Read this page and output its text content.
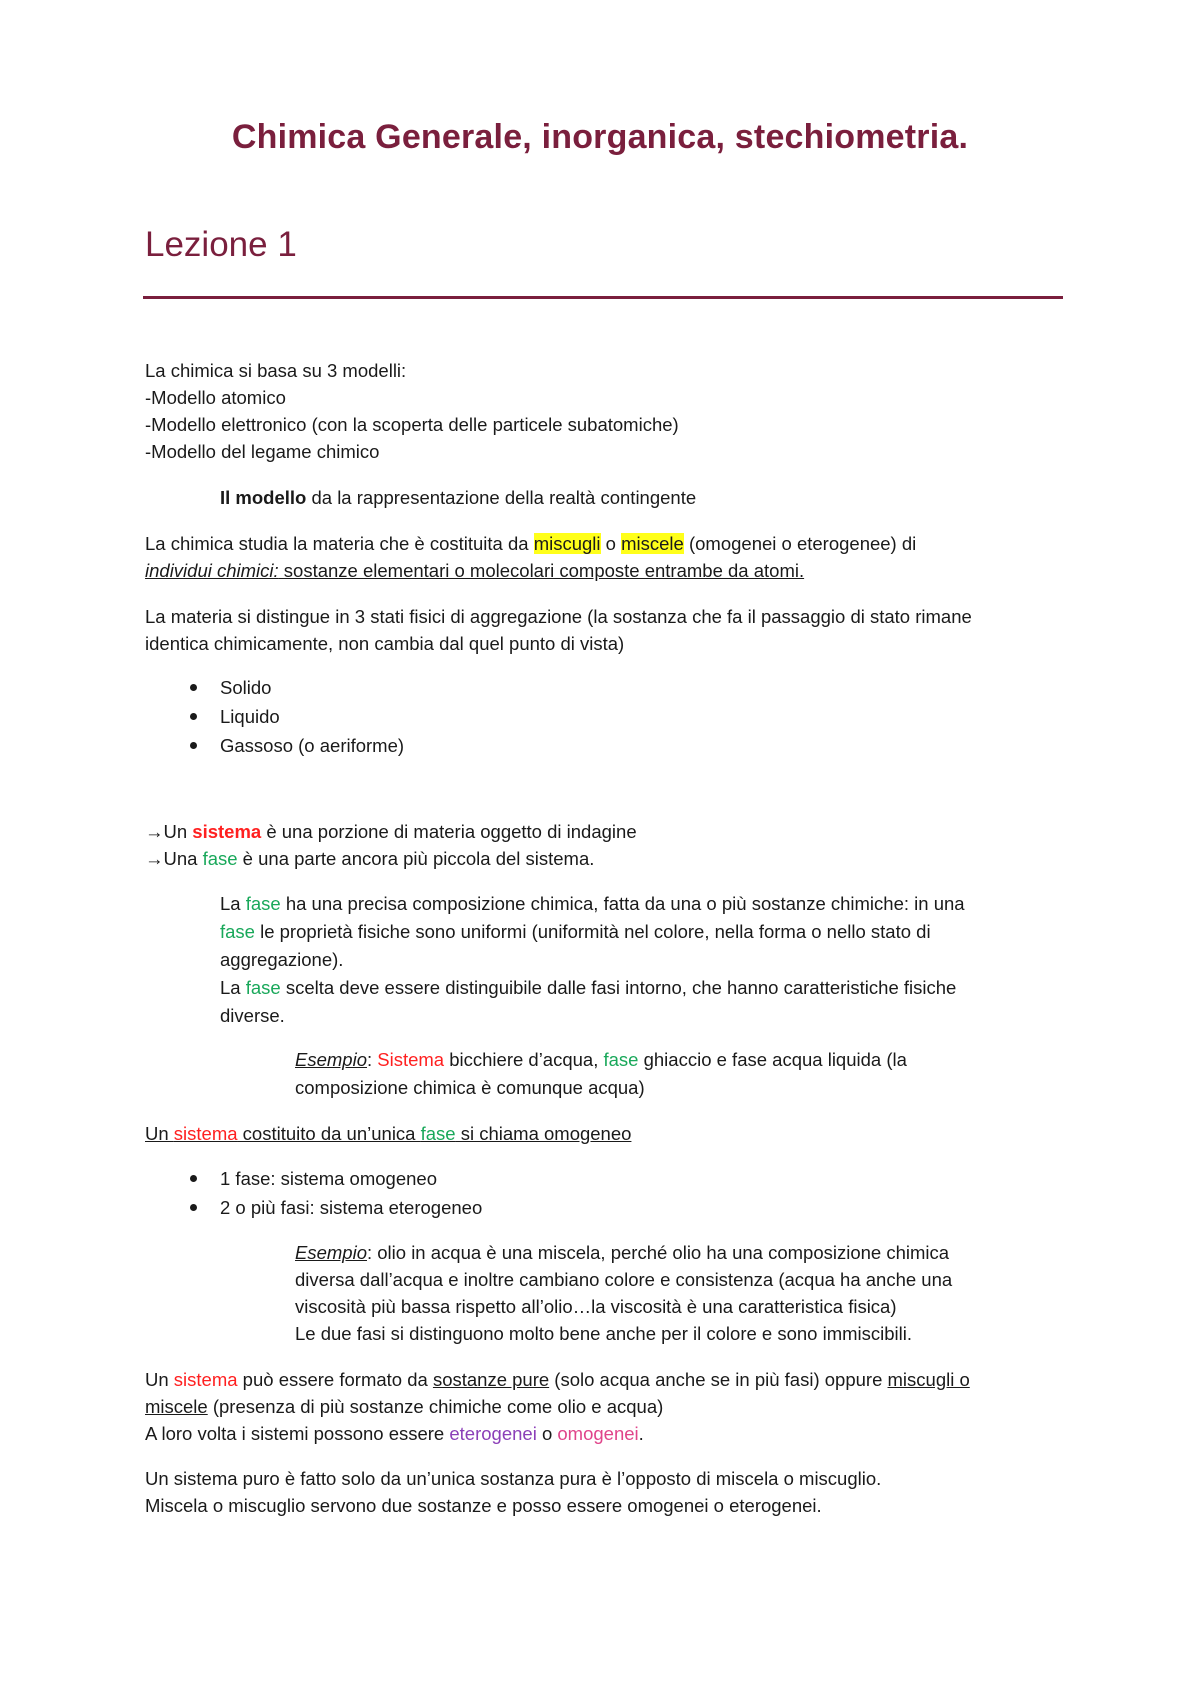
Chimica Generale, inorganica, stechiometria.
Lezione 1
La chimica si basa su 3 modelli:
-Modello atomico
-Modello elettronico (con la scoperta delle particele subatomiche)
-Modello del legame chimico
Il modello da la rappresentazione della realtà contingente
La chimica studia la materia che è costituita da miscugli o miscele (omogenei o eterogenee) di
individui chimici: sostanze elementari o molecolari composte entrambe da atomi.
La materia si distingue in 3 stati fisici di aggregazione (la sostanza che fa il passaggio di stato rimane
identica chimicamente, non cambia dal quel punto di vista)
Solido
Liquido
Gassoso (o aeriforme)
→Un sistema è una porzione di materia oggetto di indagine
→Una fase è una parte ancora più piccola del sistema.
La fase ha una precisa composizione chimica, fatta da una o più sostanze chimiche: in una
fase le proprietà fisiche sono uniformi (uniformità nel colore, nella forma o nello stato di
aggregazione).
La fase scelta deve essere distinguibile dalle fasi intorno, che hanno caratteristiche fisiche
diverse.
Esempio: Sistema bicchiere d’acqua, fase ghiaccio e fase acqua liquida (la
composizione chimica è comunque acqua)
Un sistema costituito da un’unica fase si chiama omogeneo
1 fase: sistema omogeneo
2 o più fasi: sistema eterogeneo
Esempio: olio in acqua è una miscela, perché olio ha una composizione chimica
diversa dall’acqua e inoltre cambiano colore e consistenza (acqua ha anche una
viscosità più bassa rispetto all’olio…la viscosità è una caratteristica fisica)
Le due fasi si distinguono molto bene anche per il colore e sono immiscibili.
Un sistema può essere formato da sostanze pure (solo acqua anche se in più fasi) oppure miscugli o
miscele (presenza di più sostanze chimiche come olio e acqua)
A loro volta i sistemi possono essere eterogenei o omogenei.
Un sistema puro è fatto solo da un’unica sostanza pura è l’opposto di miscela o miscuglio.
Miscela o miscuglio servono due sostanze e posso essere omogenei o eterogenei.
